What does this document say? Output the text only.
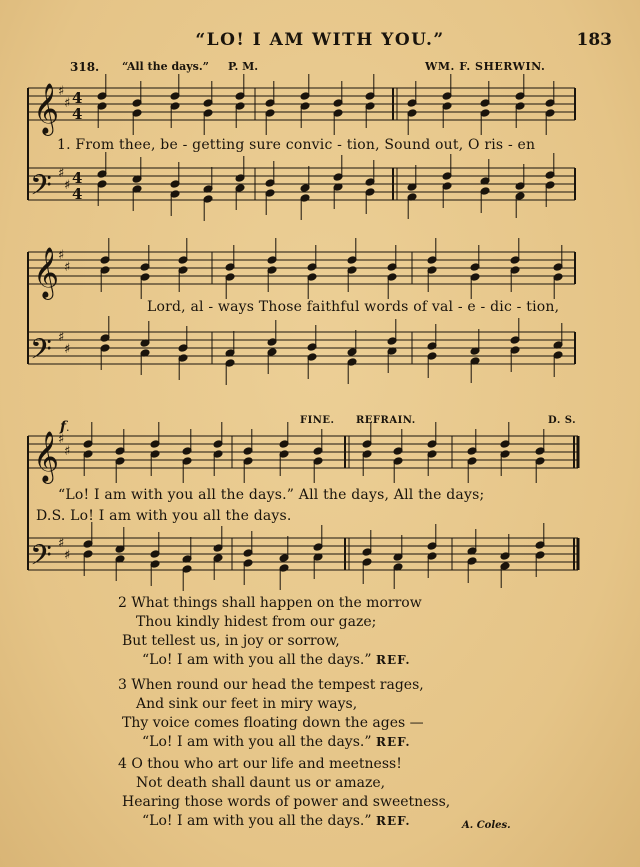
“LO! I AM WITH YOU.”	183
318. “All the days.” P. M.	WM. F. SHERWIN.
𝄞
𝄢
𝄞
𝄢
𝄞
𝄢
♯
♯
♯
♯
♯
♯
♯
♯
♯
♯
♯
♯
4
4
4
4
f .
1. From thee, be - getting sure convic - tion, Sound out, O ris - en
Lord, al - ways Those faithful words of val - e - dic - tion,
FINE. REFRAIN.	D. S.
“Lo! I am with you all the days.” All the days, All the days;
D.S. Lo! I am with you all the days.
2 What things shall happen on the morrow
Thou kindly hidest from our gaze;
But tellest us, in joy or sorrow,
“Lo! I am with you all the days.” REF.
3 When round our head the tempest rages,
And sink our feet in miry ways,
Thy voice comes floating down the ages —
“Lo! I am with you all the days.” REF.
4 O thou who art our life and meetness!
Not death shall daunt us or amaze,
Hearing those words of power and sweetness,
“Lo! I am with you all the days.” REF.	A. Coles.
